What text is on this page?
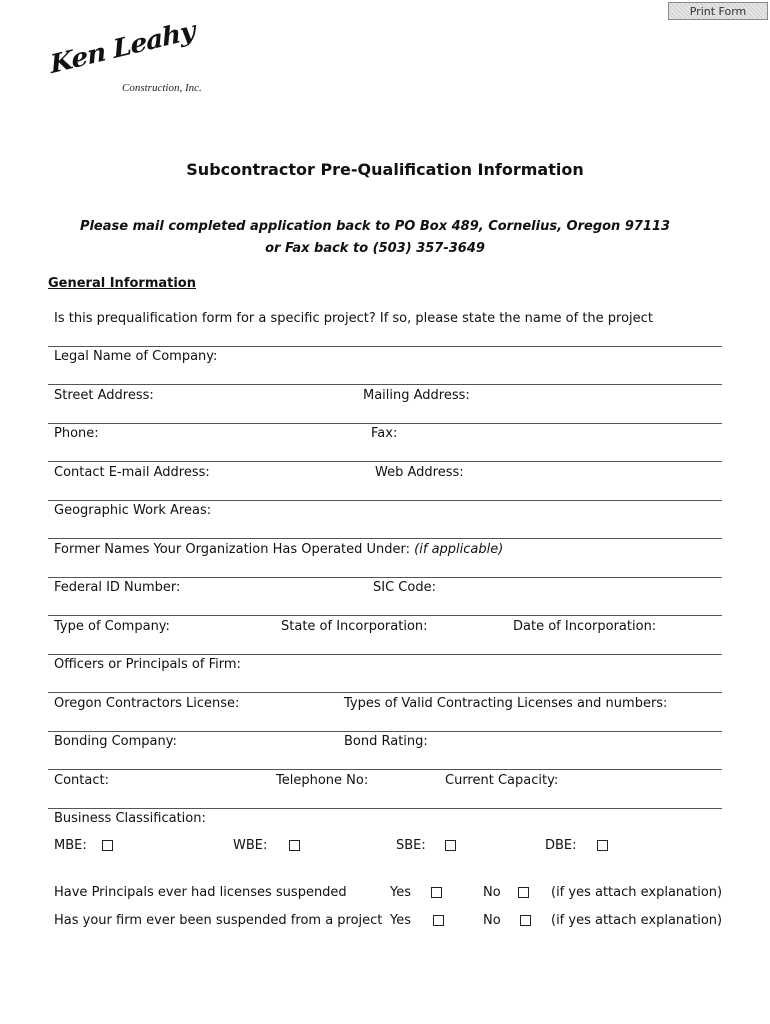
Print Form
Ken Leahy
Construction, Inc.
Subcontractor Pre-Qualification Information
Please mail completed application back to PO Box 489, Cornelius, Oregon 97113
or Fax back to (503) 357-3649
General Information
Is this prequalification form for a specific project? If so, please state the name of the project
Legal Name of Company:
Street Address:	Mailing Address:
Phone:	Fax:
Contact E-mail Address:	Web Address:
Geographic Work Areas:
Former Names Your Organization Has Operated Under: (if applicable)
Federal ID Number:	SIC Code:
Type of Company:	State of Incorporation:	Date of Incorporation:
Officers or Principals of Firm:
Oregon Contractors License:	Types of Valid Contracting Licenses and numbers:
Bonding Company:	Bond Rating:
Contact:	Telephone No:	Current Capacity:
Business Classification:
MBE:	WBE:	SBE:	DBE:
Have Principals ever had licenses suspended	Yes	No	(if yes attach explanation)
Has your firm ever been suspended from a project Yes	No	(if yes attach explanation)
